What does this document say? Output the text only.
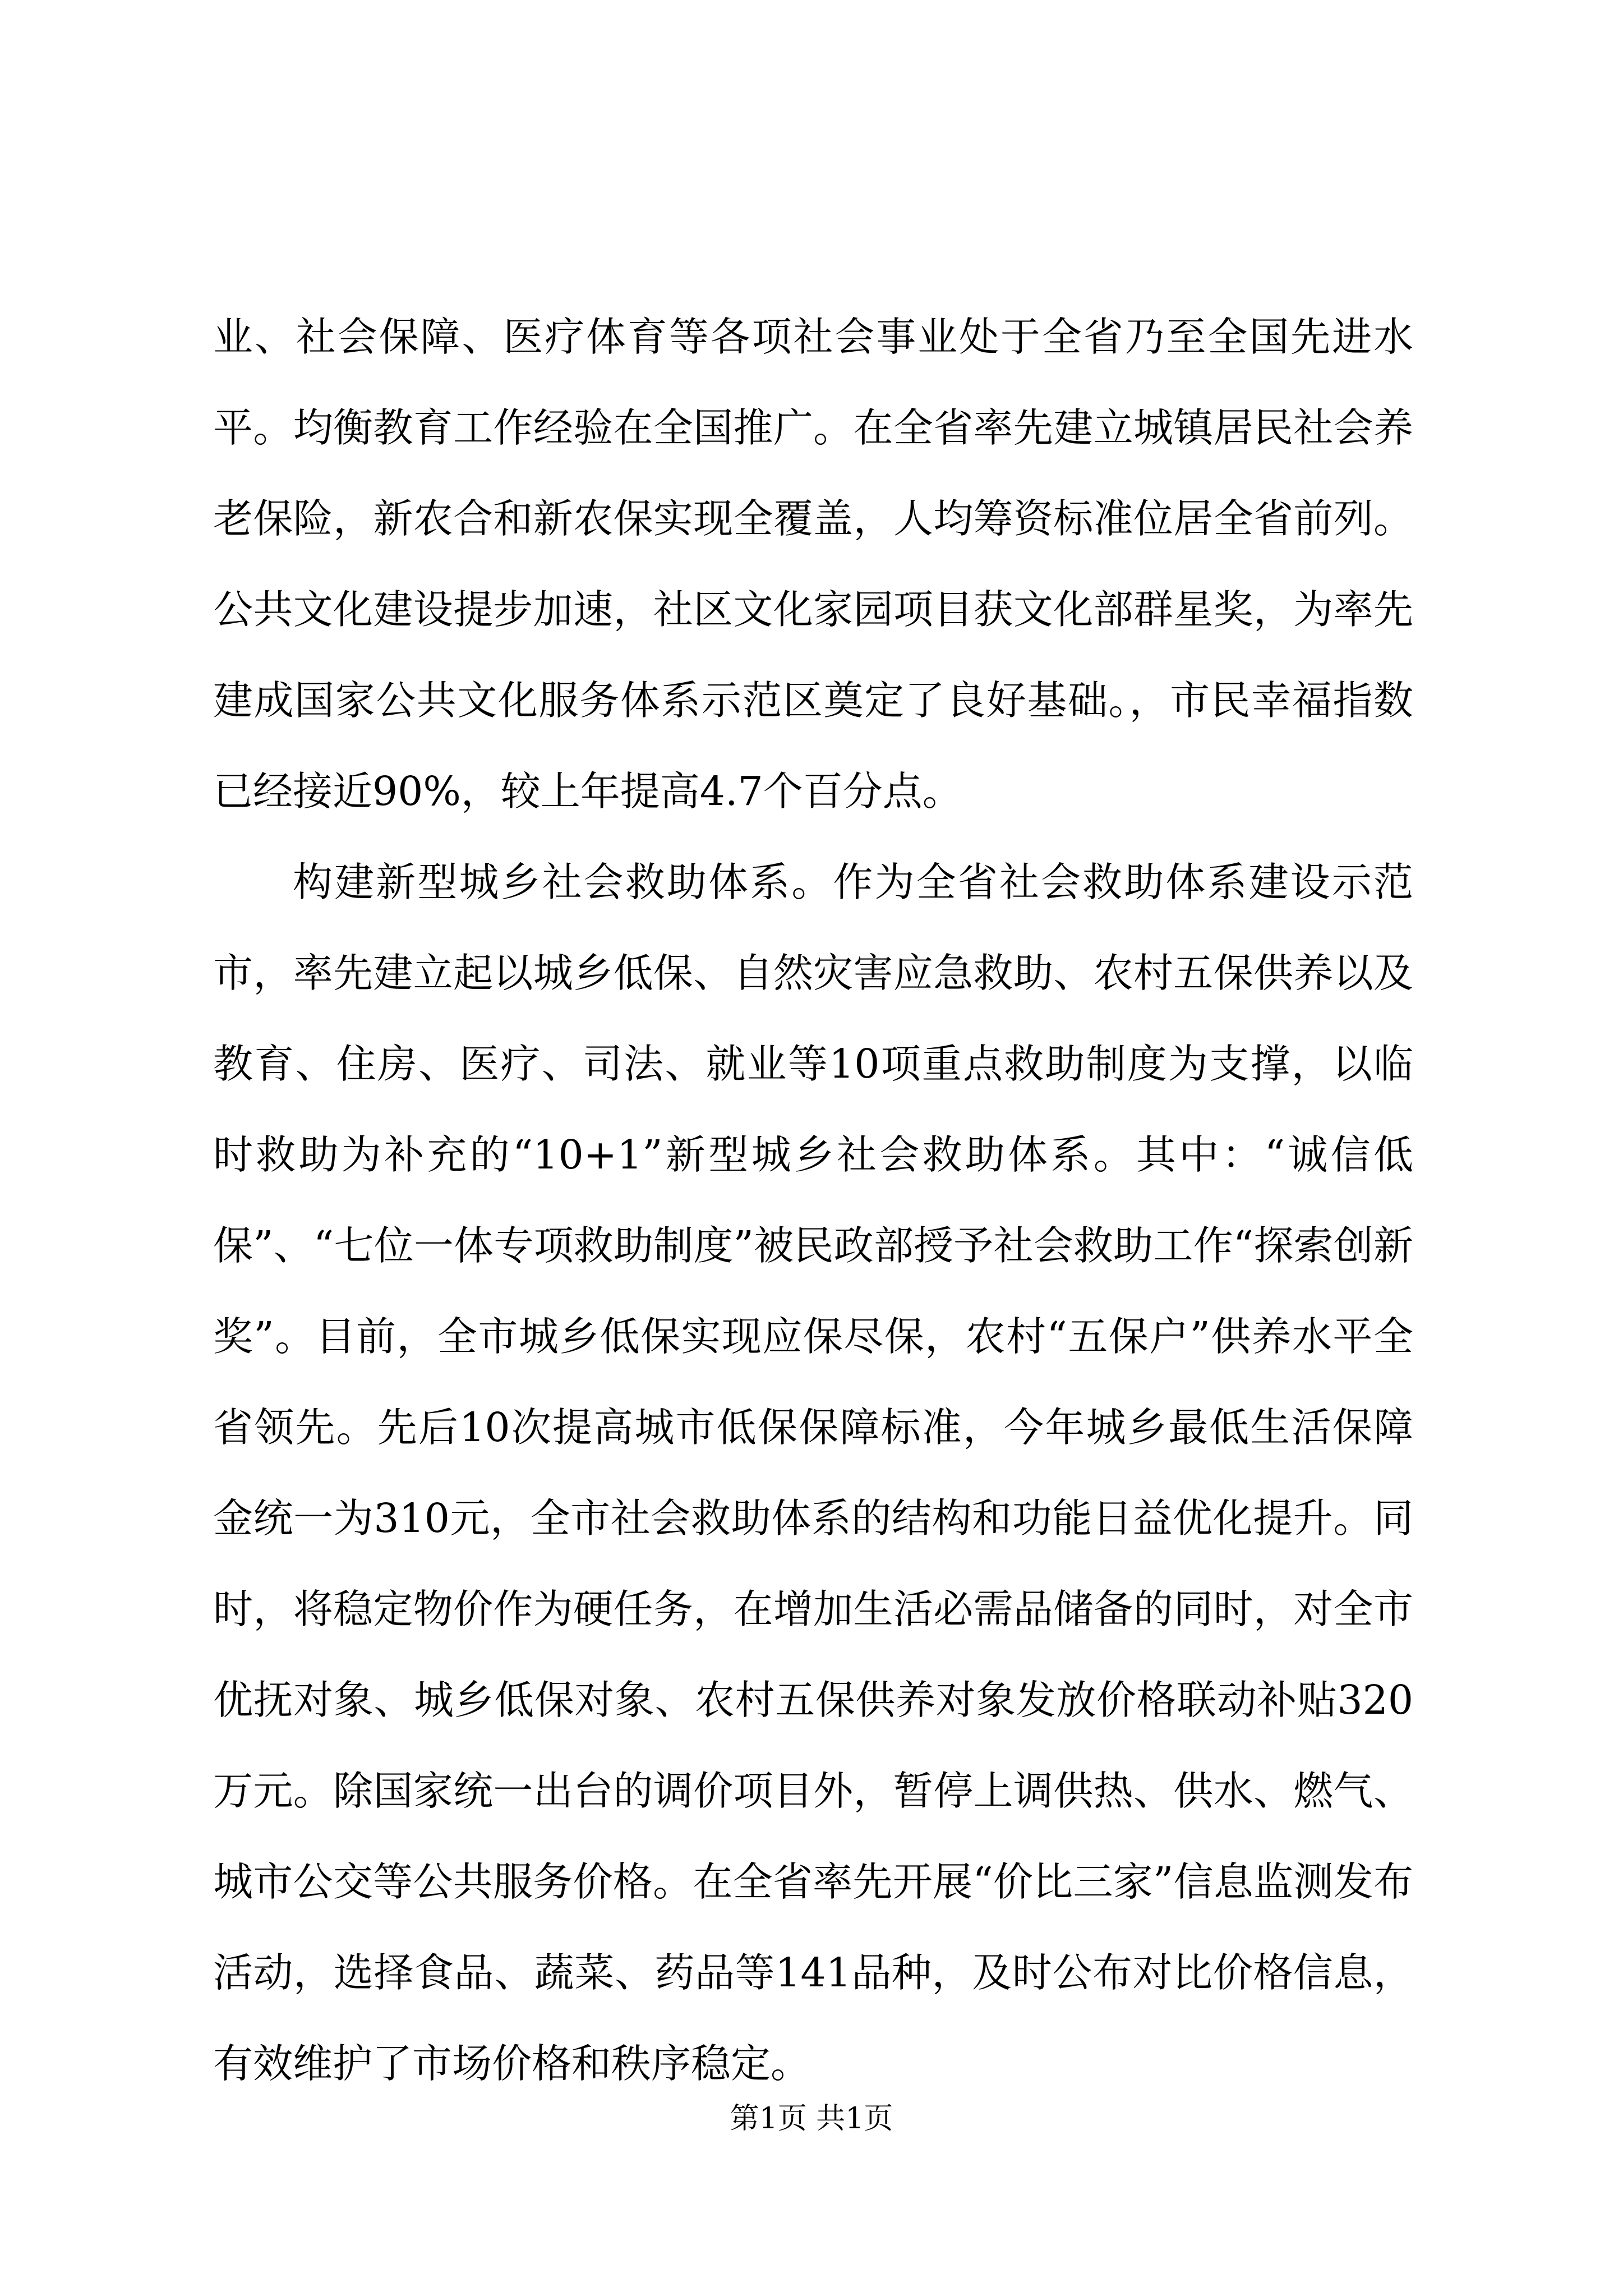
业、社会保障、医疗体育等各项社会事业处于全省乃至全国先进水平。均衡教育工作经验在全国推广。在全省率先建立城镇居民社会养老保险，新农合和新农保实现全覆盖，人均筹资标准位居全省前列。公共文化建设提步加速，社区文化家园项目获文化部群星奖，为率先建成国家公共文化服务体系示范区奠定了良好基础。，市民幸福指数已经接近90%，较上年提高4.7个百分点。

构建新型城乡社会救助体系。作为全省社会救助体系建设示范市，率先建立起以城乡低保、自然灾害应急救助、农村五保供养以及教育、住房、医疗、司法、就业等10项重点救助制度为支撑，以临时救助为补充的“10+1”新型城乡社会救助体系。其中：“诚信低保”、“七位一体专项救助制度”被民政部授予社会救助工作“探索创新奖”。目前，全市城乡低保实现应保尽保，农村“五保户”供养水平全省领先。先后10次提高城市低保保障标准，今年城乡最低生活保障金统一为310元，全市社会救助体系的结构和功能日益优化提升。同时，将稳定物价作为硬任务，在增加生活必需品储备的同时，对全市优抚对象、城乡低保对象、农村五保供养对象发放价格联动补贴320万元。除国家统一出台的调价项目外，暂停上调供热、供水、燃气、城市公交等公共服务价格。在全省率先开展“价比三家”信息监测发布活动，选择食品、蔬菜、药品等141品种，及时公布对比价格信息，有效维护了市场价格和秩序稳定。

第1页 共1页
